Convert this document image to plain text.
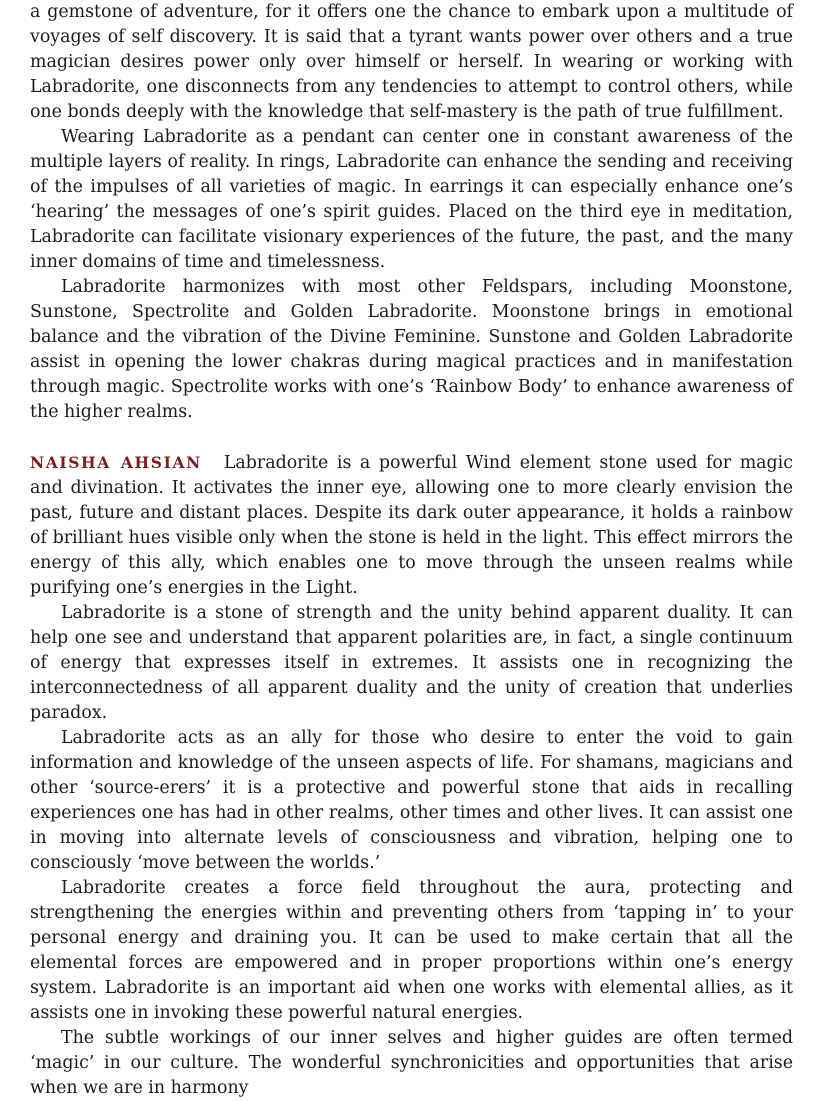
a gemstone of adventure, for it offers one the chance to embark upon a multitude of voyages of self discovery. It is said that a tyrant wants power over others and a true magician desires power only over himself or herself. In wearing or working with Labradorite, one disconnects from any tendencies to attempt to control others, while one bonds deeply with the knowledge that self-mastery is the path of true fulfillment.

Wearing Labradorite as a pendant can center one in constant awareness of the multiple layers of reality. In rings, Labradorite can enhance the sending and receiving of the impulses of all varieties of magic. In earrings it can especially enhance one’s ‘hearing’ the messages of one’s spirit guides. Placed on the third eye in meditation, Labradorite can facilitate visionary experiences of the future, the past, and the many inner domains of time and timelessness.

Labradorite harmonizes with most other Feldspars, including Moonstone, Sunstone, Spectrolite and Golden Labradorite. Moonstone brings in emotional balance and the vibration of the Divine Feminine. Sunstone and Golden Labradorite assist in opening the lower chakras during magical practices and in manifestation through magic. Spectrolite works with one’s ‘Rainbow Body’ to enhance awareness of the higher realms.

NAISHA AHSIAN Labradorite is a powerful Wind element stone used for magic and divination. It activates the inner eye, allowing one to more clearly envision the past, future and distant places. Despite its dark outer appearance, it holds a rainbow of brilliant hues visible only when the stone is held in the light. This effect mirrors the energy of this ally, which enables one to move through the unseen realms while purifying one’s energies in the Light.

Labradorite is a stone of strength and the unity behind apparent duality. It can help one see and understand that apparent polarities are, in fact, a single continuum of energy that expresses itself in extremes. It assists one in recognizing the interconnectedness of all apparent duality and the unity of creation that underlies paradox.

Labradorite acts as an ally for those who desire to enter the void to gain information and knowledge of the unseen aspects of life. For shamans, magicians and other ‘source-erers’ it is a protective and powerful stone that aids in recalling experiences one has had in other realms, other times and other lives. It can assist one in moving into alternate levels of consciousness and vibration, helping one to consciously ‘move between the worlds.’

Labradorite creates a force field throughout the aura, protecting and strengthening the energies within and preventing others from ‘tapping in’ to your personal energy and draining you. It can be used to make certain that all the elemental forces are empowered and in proper proportions within one’s energy system. Labradorite is an important aid when one works with elemental allies, as it assists one in invoking these powerful natural energies.

The subtle workings of our inner selves and higher guides are often termed ‘magic’ in our culture. The wonderful synchronicities and opportunities that arise when we are in harmony
